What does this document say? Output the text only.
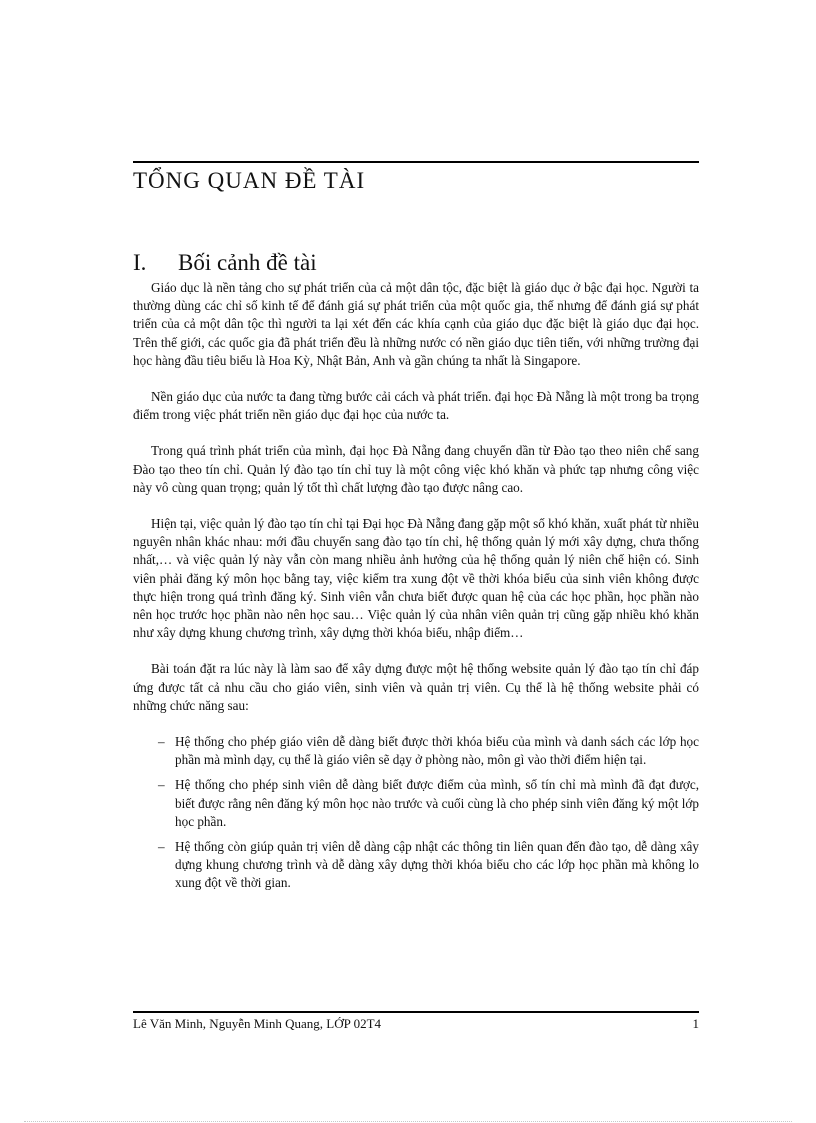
TỔNG QUAN ĐỀ TÀI
I. Bối cảnh đề tài

Giáo dục là nền tảng cho sự phát triển của cả một dân tộc, đặc biệt là giáo dục ở bậc đại học. Người ta thường dùng các chỉ số kinh tế để đánh giá sự phát triển của một quốc gia, thế nhưng để đánh giá sự phát triển của cả một dân tộc thì người ta lại xét đến các khía cạnh của giáo dục đặc biệt là giáo dục đại học. Trên thế giới, các quốc gia đã phát triển đều là những nước có nền giáo dục tiên tiến, với những trường đại học hàng đầu tiêu biểu là Hoa Kỳ, Nhật Bản, Anh và gần chúng ta nhất là Singapore.

Nền giáo dục của nước ta đang từng bước cải cách và phát triển. đại học Đà Nẵng là một trong ba trọng điểm trong việc phát triển nền giáo dục đại học của nước ta.

Trong quá trình phát triển của mình, đại học Đà Nẵng đang chuyển dần từ Đào tạo theo niên chế sang Đào tạo theo tín chỉ. Quản lý đào tạo tín chỉ tuy là một công việc khó khăn và phức tạp nhưng công việc này vô cùng quan trọng; quản lý tốt thì chất lượng đào tạo được nâng cao.

Hiện tại, việc quản lý đào tạo tín chỉ tại Đại học Đà Nẵng đang gặp một số khó khăn, xuất phát từ nhiều nguyên nhân khác nhau: mới đầu chuyển sang đào tạo tín chỉ, hệ thống quản lý mới xây dựng, chưa thống nhất,… và việc quản lý này vẫn còn mang nhiều ảnh hưởng của hệ thống quản lý niên chế hiện có. Sinh viên phải đăng ký môn học bằng tay, việc kiểm tra xung đột về thời khóa biểu của sinh viên không được thực hiện trong quá trình đăng ký. Sinh viên vẫn chưa biết được quan hệ của các học phần, học phần nào nên học trước học phần nào nên học sau… Việc quản lý của nhân viên quản trị cũng gặp nhiều khó khăn như xây dựng khung chương trình, xây dựng thời khóa biểu, nhập điểm…

Bài toán đặt ra lúc này là làm sao để xây dựng được một hệ thống website quản lý đào tạo tín chỉ đáp ứng được tất cả nhu cầu cho giáo viên, sinh viên và quản trị viên. Cụ thể là hệ thống website phải có những chức năng sau:

– Hệ thống cho phép giáo viên dễ dàng biết được thời khóa biểu của mình và danh sách các lớp học phần mà mình dạy, cụ thể là giáo viên sẽ dạy ở phòng nào, môn gì vào thời điểm hiện tại.
– Hệ thống cho phép sinh viên dễ dàng biết được điểm của mình, số tín chỉ mà mình đã đạt được, biết được rằng nên đăng ký môn học nào trước và cuối cùng là cho phép sinh viên đăng ký một lớp học phần.
– Hệ thống còn giúp quản trị viên dễ dàng cập nhật các thông tin liên quan đến đào tạo, dễ dàng xây dựng khung chương trình và dễ dàng xây dựng thời khóa biểu cho các lớp học phần mà không lo xung đột về thời gian.
Lê Văn Minh, Nguyễn Minh Quang, LỚP 02T4	1
